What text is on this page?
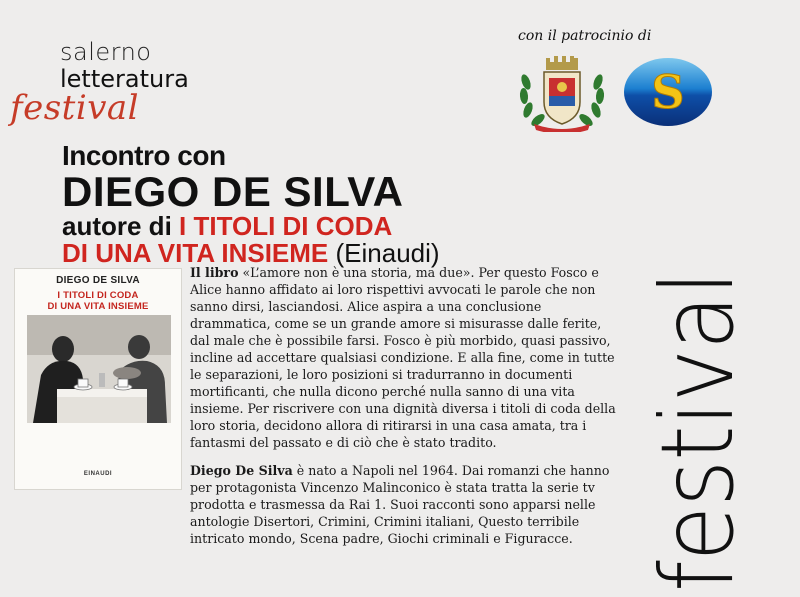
salerno
letteratura
festival
con il patrocinio di
S
Incontro con
DIEGO DE SILVA
autore di I TITOLI DI CODA
DI UNA VITA INSIEME (Einaudi)
DIEGO DE SILVA
I TITOLI DI CODA
DI UNA VITA INSIEME
EINAUDI

Il libro «L’amore non è una storia, ma due». Per questo Fosco e Alice hanno affidato ai loro rispettivi avvocati le parole che non sanno dirsi, lasciandosi. Alice aspira a una conclusione drammatica, come se un grande amore si misurasse dalle ferite, dal male che è possibile farsi. Fosco è più morbido, quasi passivo, incline ad accettare qualsiasi condizione. E alla fine, come in tutte le separazioni, le loro posizioni si tradurranno in documenti mortificanti, che nulla dicono perché nulla sanno di una vita insieme. Per riscrivere con una dignità diversa i titoli di coda della loro storia, decidono allora di ritirarsi in una casa amata, tra i fantasmi del passato e di ciò che è stato tradito.

Diego De Silva è nato a Napoli nel 1964. Dai romanzi che hanno per protagonista Vincenzo Malinconico è stata tratta la serie tv prodotta e trasmessa da Rai 1. Suoi racconti sono apparsi nelle antologie Disertori, Crimini, Crimini italiani, Questo terribile intricato mondo, Scena padre, Giochi criminali e Figuracce. festival
